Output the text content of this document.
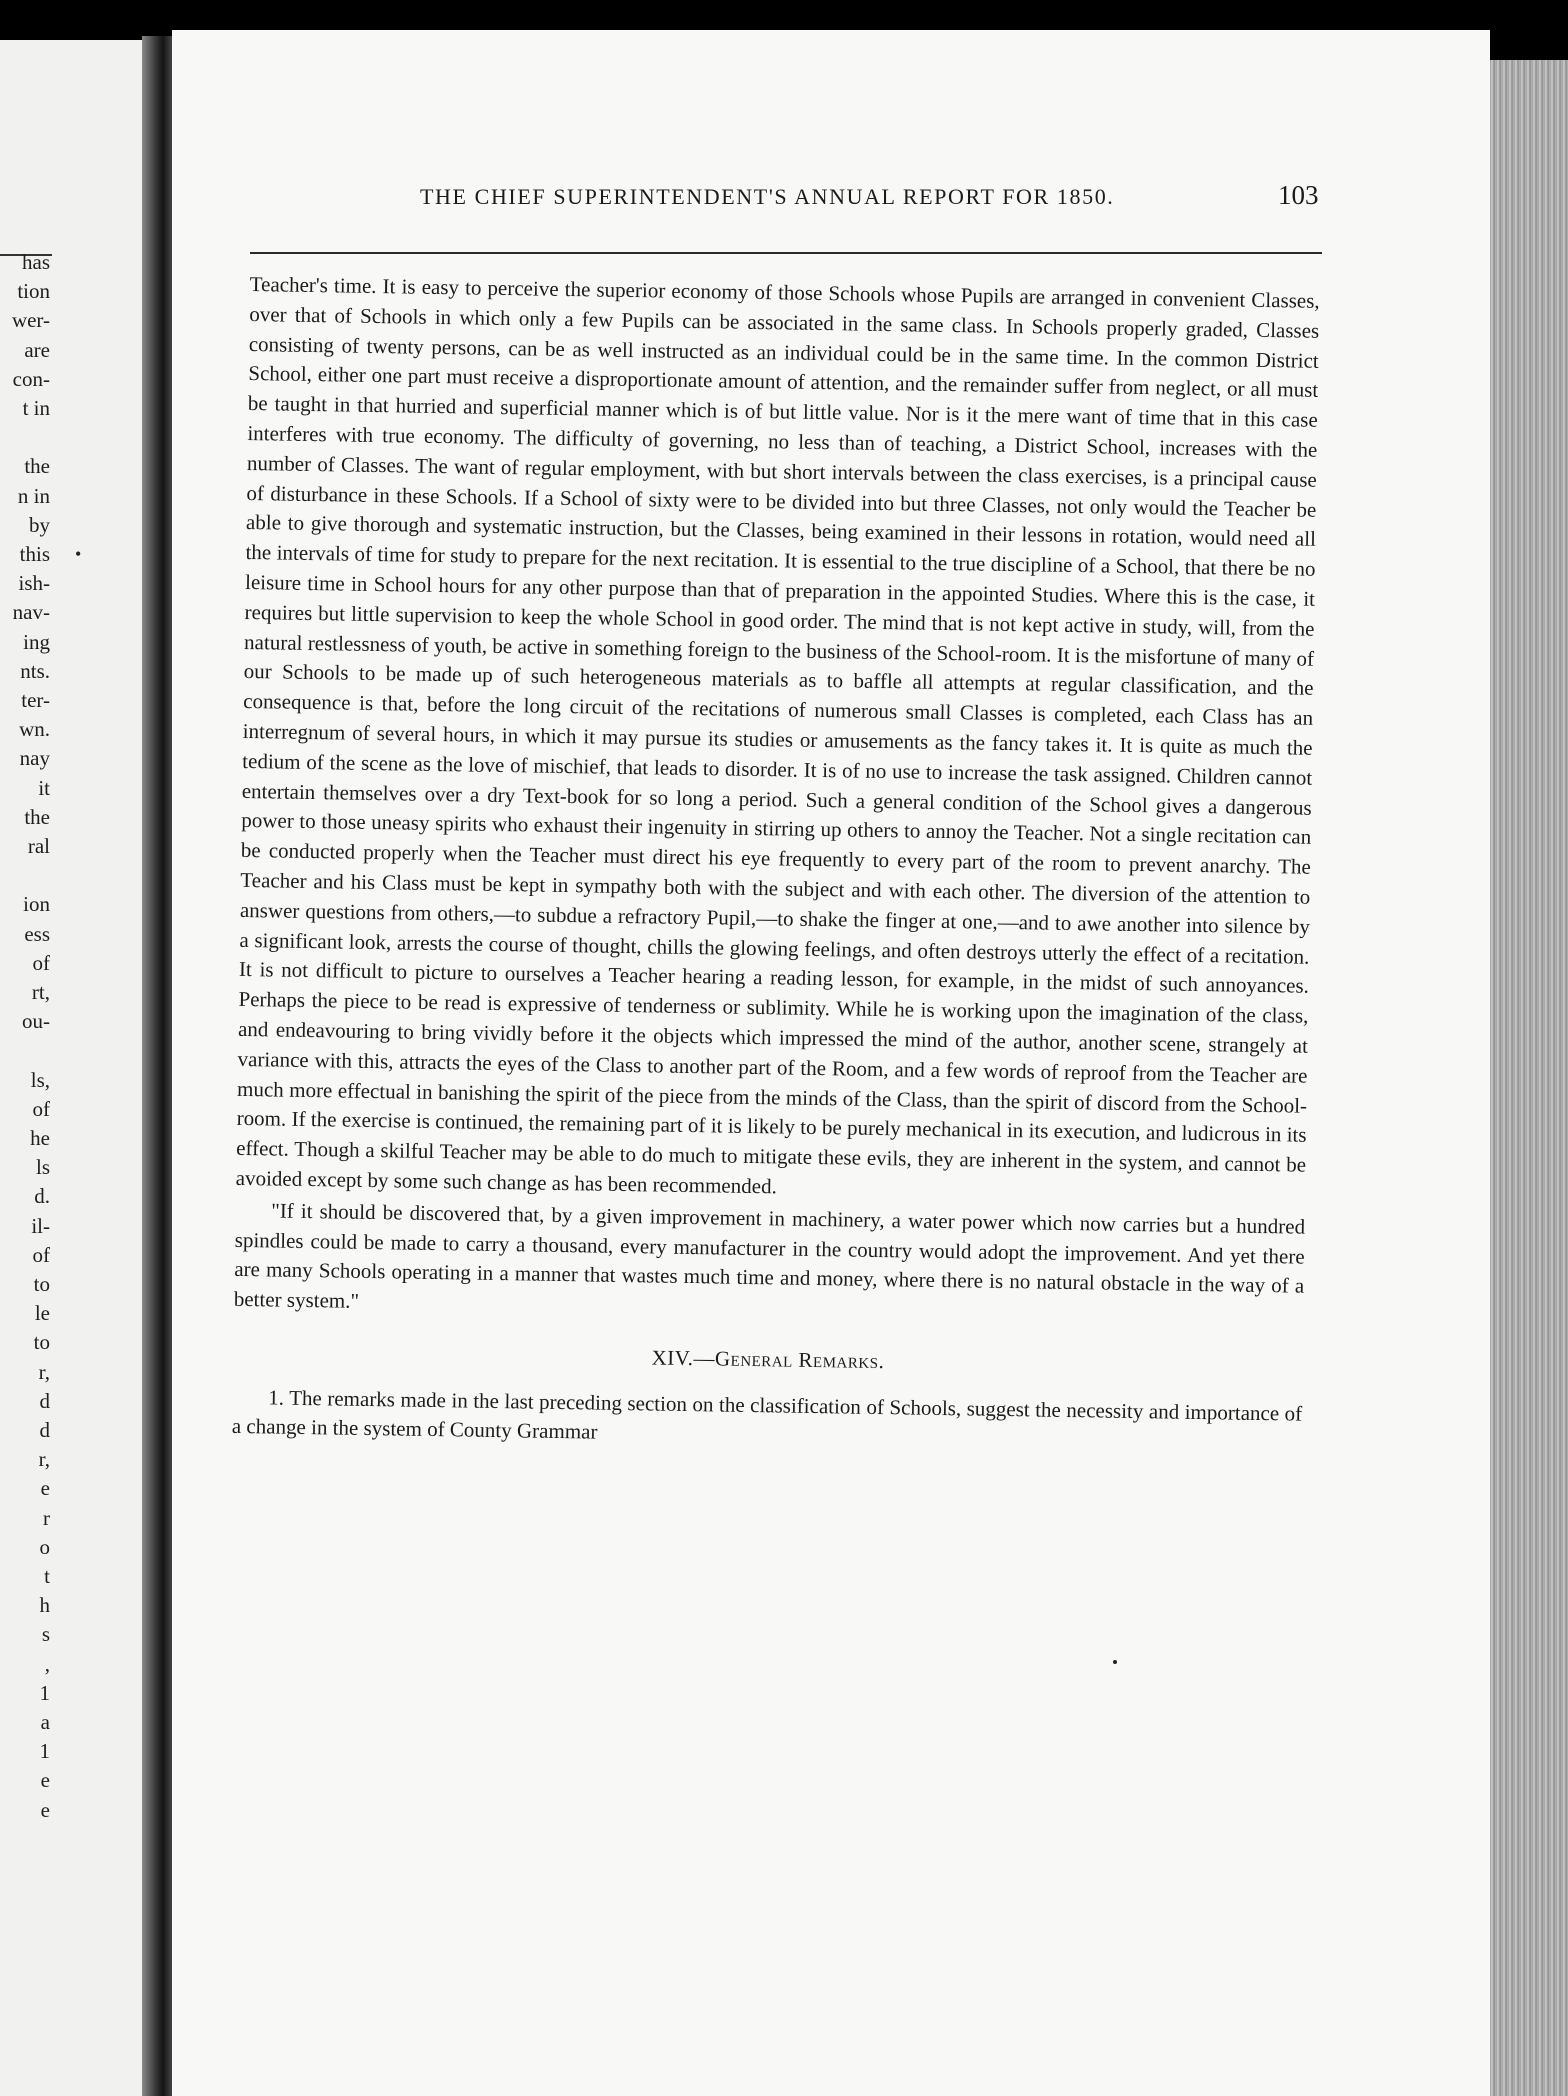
has
tion
wer-
are
con-
t in
the
n in
by
this
ish-
nav-
ing
nts.
ter-
wn.
nay
it
the
ral
ion
ess
of
rt,
ou-
ls,
of
he
ls
d.
il-
of
to
le
to
r,
d
d
r,
e
r
o
t
h
s
,
1
a
1
e
e
•
THE CHIEF SUPERINTENDENT'S ANNUAL REPORT FOR 1850.	103

Teacher's time. It is easy to perceive the superior economy of those Schools whose Pupils are arranged in convenient Classes, over that of Schools in which only a few Pupils can be associated in the same class. In Schools properly graded, Classes consisting of twenty persons, can be as well instructed as an individual could be in the same time. In the common District School, either one part must receive a disproportionate amount of attention, and the remainder suffer from neglect, or all must be taught in that hurried and superficial manner which is of but little value. Nor is it the mere want of time that in this case interferes with true economy. The difficulty of governing, no less than of teaching, a District School, increases with the number of Classes. The want of regular employment, with but short intervals between the class exercises, is a principal cause of disturbance in these Schools. If a School of sixty were to be divided into but three Classes, not only would the Teacher be able to give thorough and systematic instruction, but the Classes, being examined in their lessons in rotation, would need all the intervals of time for study to prepare for the next recitation. It is essential to the true discipline of a School, that there be no leisure time in School hours for any other purpose than that of preparation in the appointed Studies. Where this is the case, it requires but little supervision to keep the whole School in good order. The mind that is not kept active in study, will, from the natural restlessness of youth, be active in something foreign to the business of the School-room. It is the misfortune of many of our Schools to be made up of such heterogeneous materials as to baffle all attempts at regular classification, and the consequence is that, before the long circuit of the recitations of numerous small Classes is completed, each Class has an interregnum of several hours, in which it may pursue its studies or amusements as the fancy takes it. It is quite as much the tedium of the scene as the love of mischief, that leads to disorder. It is of no use to increase the task assigned. Children cannot entertain themselves over a dry Text-book for so long a period. Such a general condition of the School gives a dangerous power to those uneasy spirits who exhaust their ingenuity in stirring up others to annoy the Teacher. Not a single recitation can be conducted properly when the Teacher must direct his eye frequently to every part of the room to prevent anarchy. The Teacher and his Class must be kept in sympathy both with the subject and with each other. The diversion of the attention to answer questions from others,—to subdue a refractory Pupil,—to shake the finger at one,—and to awe another into silence by a significant look, arrests the course of thought, chills the glowing feelings, and often destroys utterly the effect of a recitation. It is not difficult to picture to ourselves a Teacher hearing a reading lesson, for example, in the midst of such annoyances. Perhaps the piece to be read is expressive of tenderness or sublimity. While he is working upon the imagination of the class, and endeavouring to bring vividly before it the objects which impressed the mind of the author, another scene, strangely at variance with this, attracts the eyes of the Class to another part of the Room, and a few words of reproof from the Teacher are much more effectual in banishing the spirit of the piece from the minds of the Class, than the spirit of discord from the School-room. If the exercise is continued, the remaining part of it is likely to be purely mechanical in its execution, and ludicrous in its effect. Though a skilful Teacher may be able to do much to mitigate these evils, they are inherent in the system, and cannot be avoided except by some such change as has been recommended.

"If it should be discovered that, by a given improvement in machinery, a water power which now carries but a hundred spindles could be made to carry a thousand, every manufacturer in the country would adopt the improvement. And yet there are many Schools operating in a manner that wastes much time and money, where there is no natural obstacle in the way of a better system."

XIV.—General Remarks.

1. The remarks made in the last preceding section on the classification of Schools, suggest the necessity and importance of a change in the system of County Grammar
